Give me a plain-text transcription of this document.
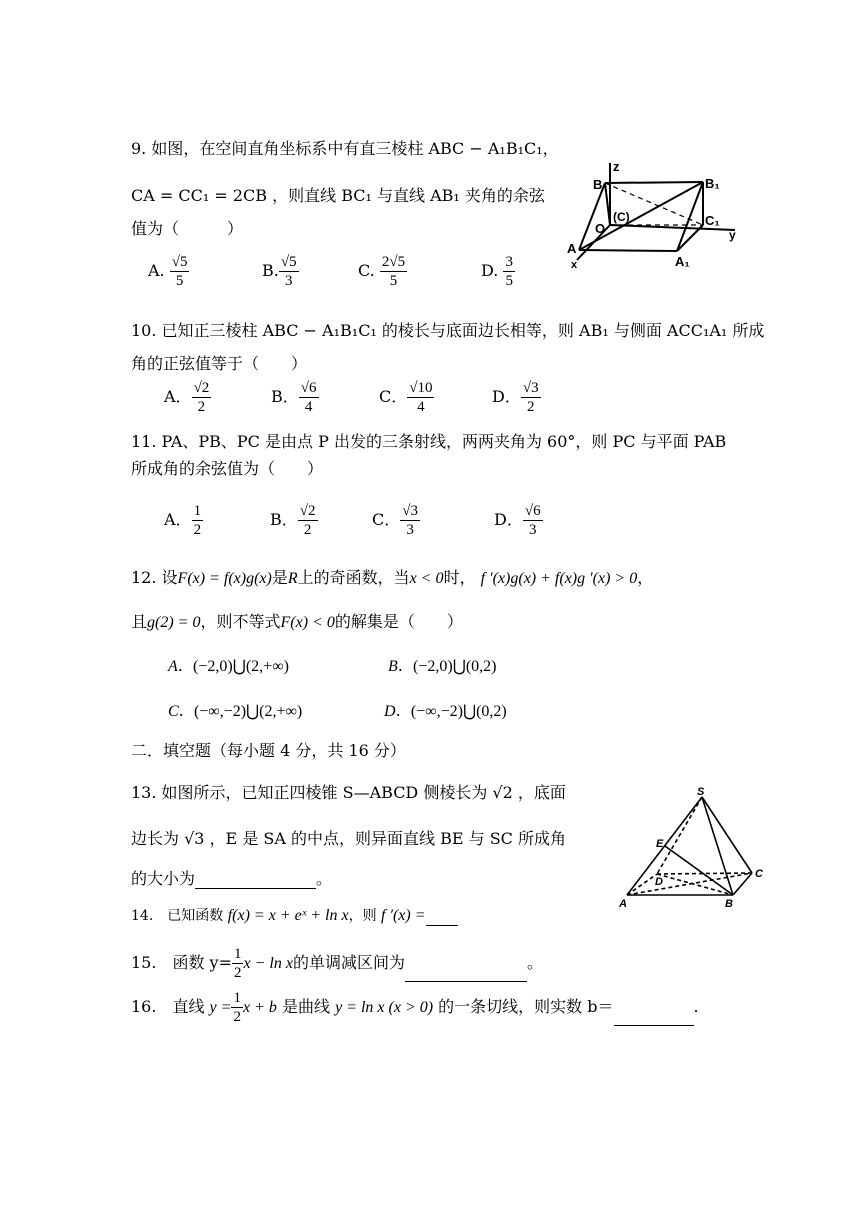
9. 如图，在空间直角坐标系中有直三棱柱 ABC − A₁B₁C₁，
CA = CC₁ = 2CB ，则直线 BC₁ 与直线 AB₁ 夹角的余弦
值为（　　　）
A. $\frac{√5}{5}$	B. $\frac{√5}{3}$	C. $\frac{2√5}{5}$	D. $\frac{3}{5}$
z
B	B₁
O
(C)	C₁
y
A
x	A₁
10. 已知正三棱柱 ABC − A₁B₁C₁ 的棱长与底面边长相等，则 AB₁ 与侧面 ACC₁A₁ 所成
角的正弦值等于（　　）
A． $\frac{√2}{2}$	B． $\frac{√6}{4}$	C． $\frac{√10}{4}$	D． $\frac{√3}{2}$
11. PA、PB、PC 是由点 P 出发的三条射线，两两夹角为 60°，则 PC 与平面 PAB
所成角的余弦值为（　　）
A． $\frac{1}{2}$	B． $\frac{√2}{2}$	C． $\frac{√3}{3}$	D． $\frac{√6}{3}$
12. 设F(x) = f(x)g(x)是R上的奇函数，当x < 0时， f ′(x)g(x) + f(x)g ′(x) > 0，
且g(2) = 0，则不等式F(x) < 0的解集是（　　）
A.  (−2,0)⋃(2,+∞)	B.  (−2,0)⋃(0,2)
C.  (−∞,−2)⋃(2,+∞)	D.  (−∞,−2)⋃(0,2)
二．填空题（每小题 4 分，共 16 分）
13. 如图所示，已知正四棱锥 S—ABCD 侧棱长为 √2 ，底面
边长为 √3 ，E 是 SA 的中点，则异面直线 BE 与 SC 所成角
的大小为	。
S
E
D
C
A	B
14.　已知函数 f(x) = x + eˣ + ln x，则 f ′(x) =
15.　函数 $y= \frac{1}{2}$ x − ln x的单调减区间为	。
16.　直线 $y = \frac{1}{2}$ x + b 是曲线 y = ln x (x > 0) 的一条切线，则实数 b＝	.
